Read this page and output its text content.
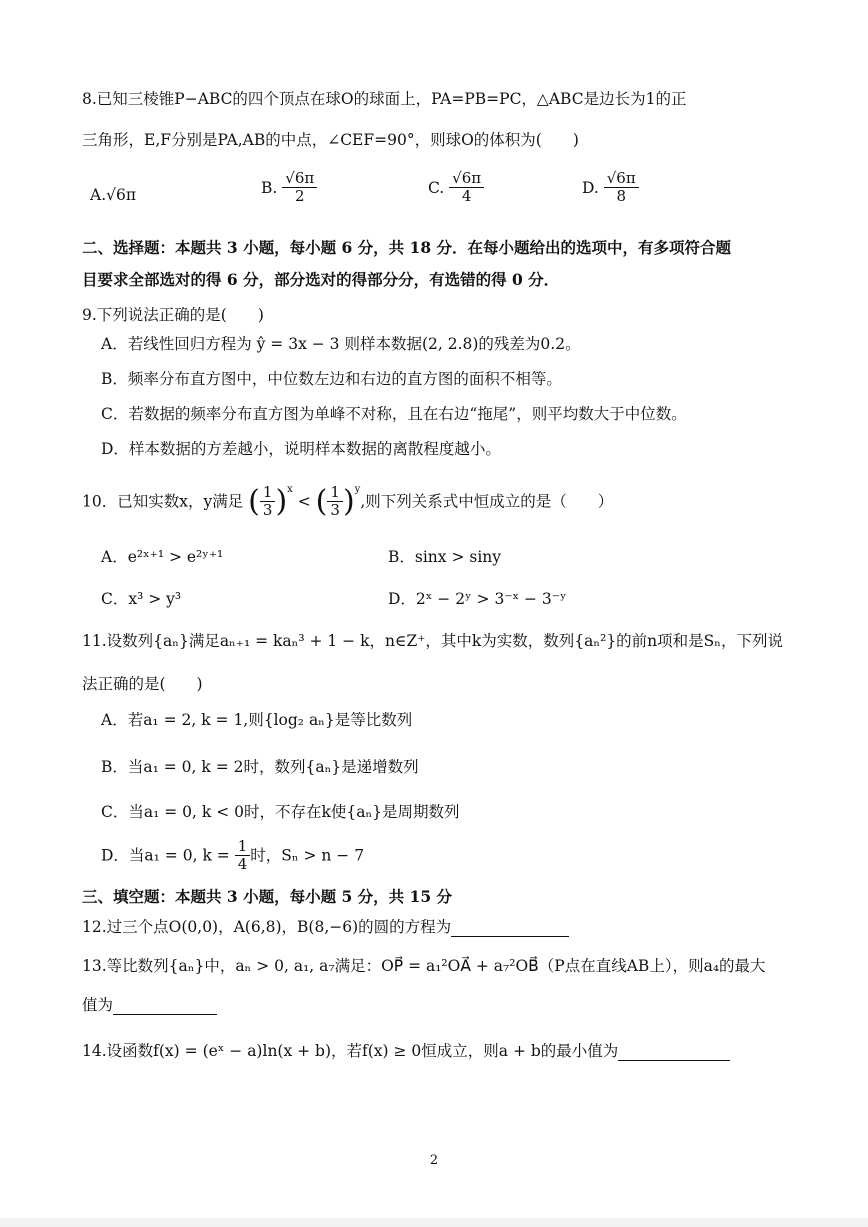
8.已知三棱锥P−ABC的四个顶点在球O的球面上，PA=PB=PC，△ABC是边长为1的正
三角形，E,F分别是PA,AB的中点，∠CEF=90°，则球O的体积为(　　)
A.√6π	B. $\frac{√6\pi}{2}$	C. $\frac{√6\pi}{4}$	D. $\frac{√6\pi}{8}$
二、选择题：本题共 3 小题，每小题 6 分，共 18 分．在每小题给出的选项中，有多项符合题
目要求全部选对的得 6 分，部分选对的得部分分，有选错的得 0 分．
9.下列说法正确的是(　　)
A．若线性回归方程为 ŷ = 3x − 3 则样本数据(2, 2.8)的残差为0.2。
B．频率分布直方图中，中位数左边和右边的直方图的面积不相等。
C．若数据的频率分布直方图为单峰不对称，且在右边“拖尾”，则平均数大于中位数。
D．样本数据的方差越小，说明样本数据的离散程度越小。
10．已知实数x，y满足 ( $\frac{1}{3} )^x$ < ( $\frac{1}{3} )^y$,则下列关系式中恒成立的是（　　）
A．e²ˣ⁺¹ > e²ʸ⁺¹	B．sinx > siny
C．x³ > y³	D．2ˣ − 2ʸ > 3⁻ˣ − 3⁻ʸ
11.设数列{aₙ}满足aₙ₊₁ = kaₙ³ + 1 − k，n∈Z⁺，其中k为实数，数列{aₙ²}的前n项和是Sₙ，下列说
法正确的是(　　)
A．若a₁ = 2, k = 1,则{log₂ aₙ}是等比数列
B．当a₁ = 0, k = 2时，数列{aₙ}是递增数列
C．当a₁ = 0, k < 0时，不存在k使{aₙ}是周期数列
D．当a₁ = 0, $k = \frac{1}{4}$ 时，Sₙ > n − 7
三、填空题：本题共 3 小题，每小题 5 分，共 15 分
12.过三个点O(0,0)，A(6,8)，B(8,−6)的圆的方程为
13.等比数列{aₙ}中，aₙ > 0, a₁, a₇满足：OP⃗ = a₁²OA⃗ + a₇²OB⃗（P点在直线AB上），则a₄的最大
值为
14.设函数f(x) = (eˣ − a)ln(x + b)，若f(x) ≥ 0恒成立，则a + b的最小值为
2
